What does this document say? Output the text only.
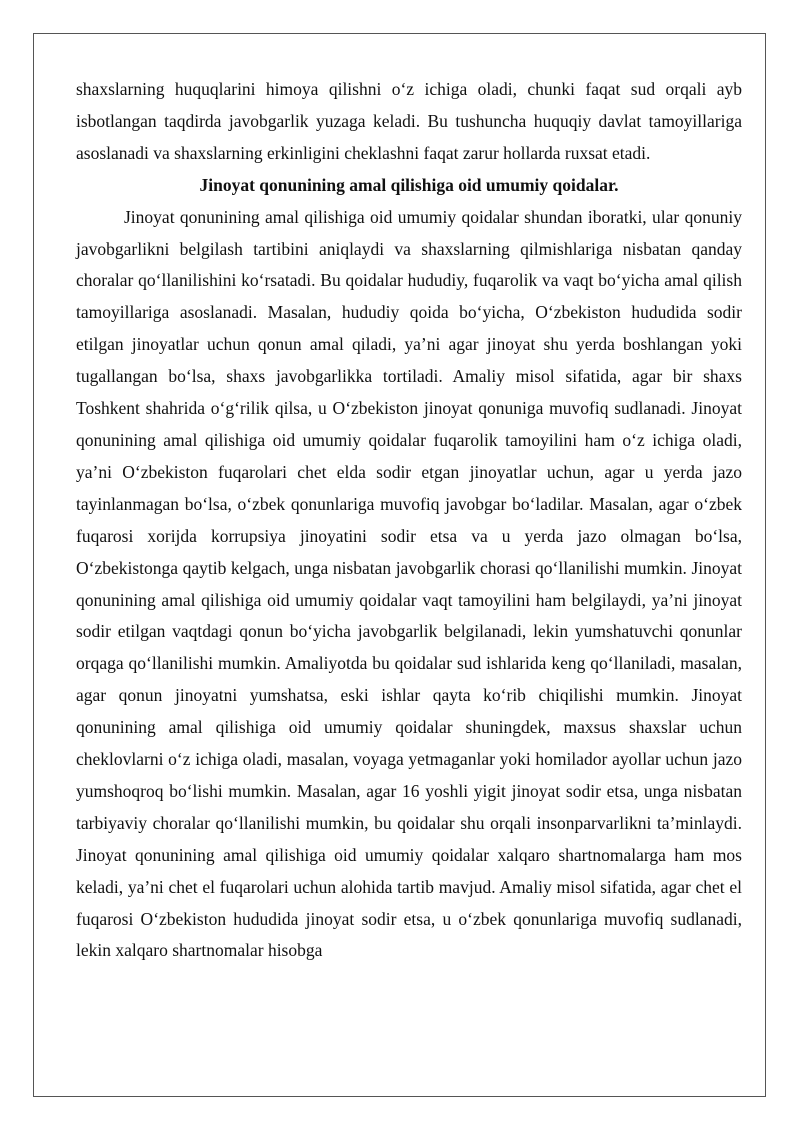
shaxslarning huquqlarini himoya qilishni o‘z ichiga oladi, chunki faqat sud orqali ayb isbotlangan taqdirda javobgarlik yuzaga keladi. Bu tushuncha huquqiy davlat tamoyillariga asoslanadi va shaxslarning erkinligini cheklashni faqat zarur hollarda ruxsat etadi.

Jinoyat qonunining amal qilishiga oid umumiy qoidalar.

Jinoyat qonunining amal qilishiga oid umumiy qoidalar shundan iboratki, ular qonuniy javobgarlikni belgilash tartibini aniqlaydi va shaxslarning qilmishlariga nisbatan qanday choralar qo‘llanilishini ko‘rsatadi. Bu qoidalar hududiy, fuqarolik va vaqt bo‘yicha amal qilish tamoyillariga asoslanadi. Masalan, hududiy qoida bo‘yicha, O‘zbekiston hududida sodir etilgan jinoyatlar uchun qonun amal qiladi, ya’ni agar jinoyat shu yerda boshlangan yoki tugallangan bo‘lsa, shaxs javobgarlikka tortiladi. Amaliy misol sifatida, agar bir shaxs Toshkent shahrida o‘g‘rilik qilsa, u O‘zbekiston jinoyat qonuniga muvofiq sudlanadi. Jinoyat qonunining amal qilishiga oid umumiy qoidalar fuqarolik tamoyilini ham o‘z ichiga oladi, ya’ni O‘zbekiston fuqarolari chet elda sodir etgan jinoyatlar uchun, agar u yerda jazo tayinlanmagan bo‘lsa, o‘zbek qonunlariga muvofiq javobgar bo‘ladilar. Masalan, agar o‘zbek fuqarosi xorijda korrupsiya jinoyatini sodir etsa va u yerda jazo olmagan bo‘lsa, O‘zbekistonga qaytib kelgach, unga nisbatan javobgarlik chorasi qo‘llanilishi mumkin. Jinoyat qonunining amal qilishiga oid umumiy qoidalar vaqt tamoyilini ham belgilaydi, ya’ni jinoyat sodir etilgan vaqtdagi qonun bo‘yicha javobgarlik belgilanadi, lekin yumshatuvchi qonunlar orqaga qo‘llanilishi mumkin. Amaliyotda bu qoidalar sud ishlarida keng qo‘llaniladi, masalan, agar qonun jinoyatni yumshatsa, eski ishlar qayta ko‘rib chiqilishi mumkin. Jinoyat qonunining amal qilishiga oid umumiy qoidalar shuningdek, maxsus shaxslar uchun cheklovlarni o‘z ichiga oladi, masalan, voyaga yetmaganlar yoki homilador ayollar uchun jazo yumshoqroq bo‘lishi mumkin. Masalan, agar 16 yoshli yigit jinoyat sodir etsa, unga nisbatan tarbiyaviy choralar qo‘llanilishi mumkin, bu qoidalar shu orqali insonparvarlikni ta’minlaydi. Jinoyat qonunining amal qilishiga oid umumiy qoidalar xalqaro shartnomalarga ham mos keladi, ya’ni chet el fuqarolari uchun alohida tartib mavjud. Amaliy misol sifatida, agar chet el fuqarosi O‘zbekiston hududida jinoyat sodir etsa, u o‘zbek qonunlariga muvofiq sudlanadi, lekin xalqaro shartnomalar hisobga
